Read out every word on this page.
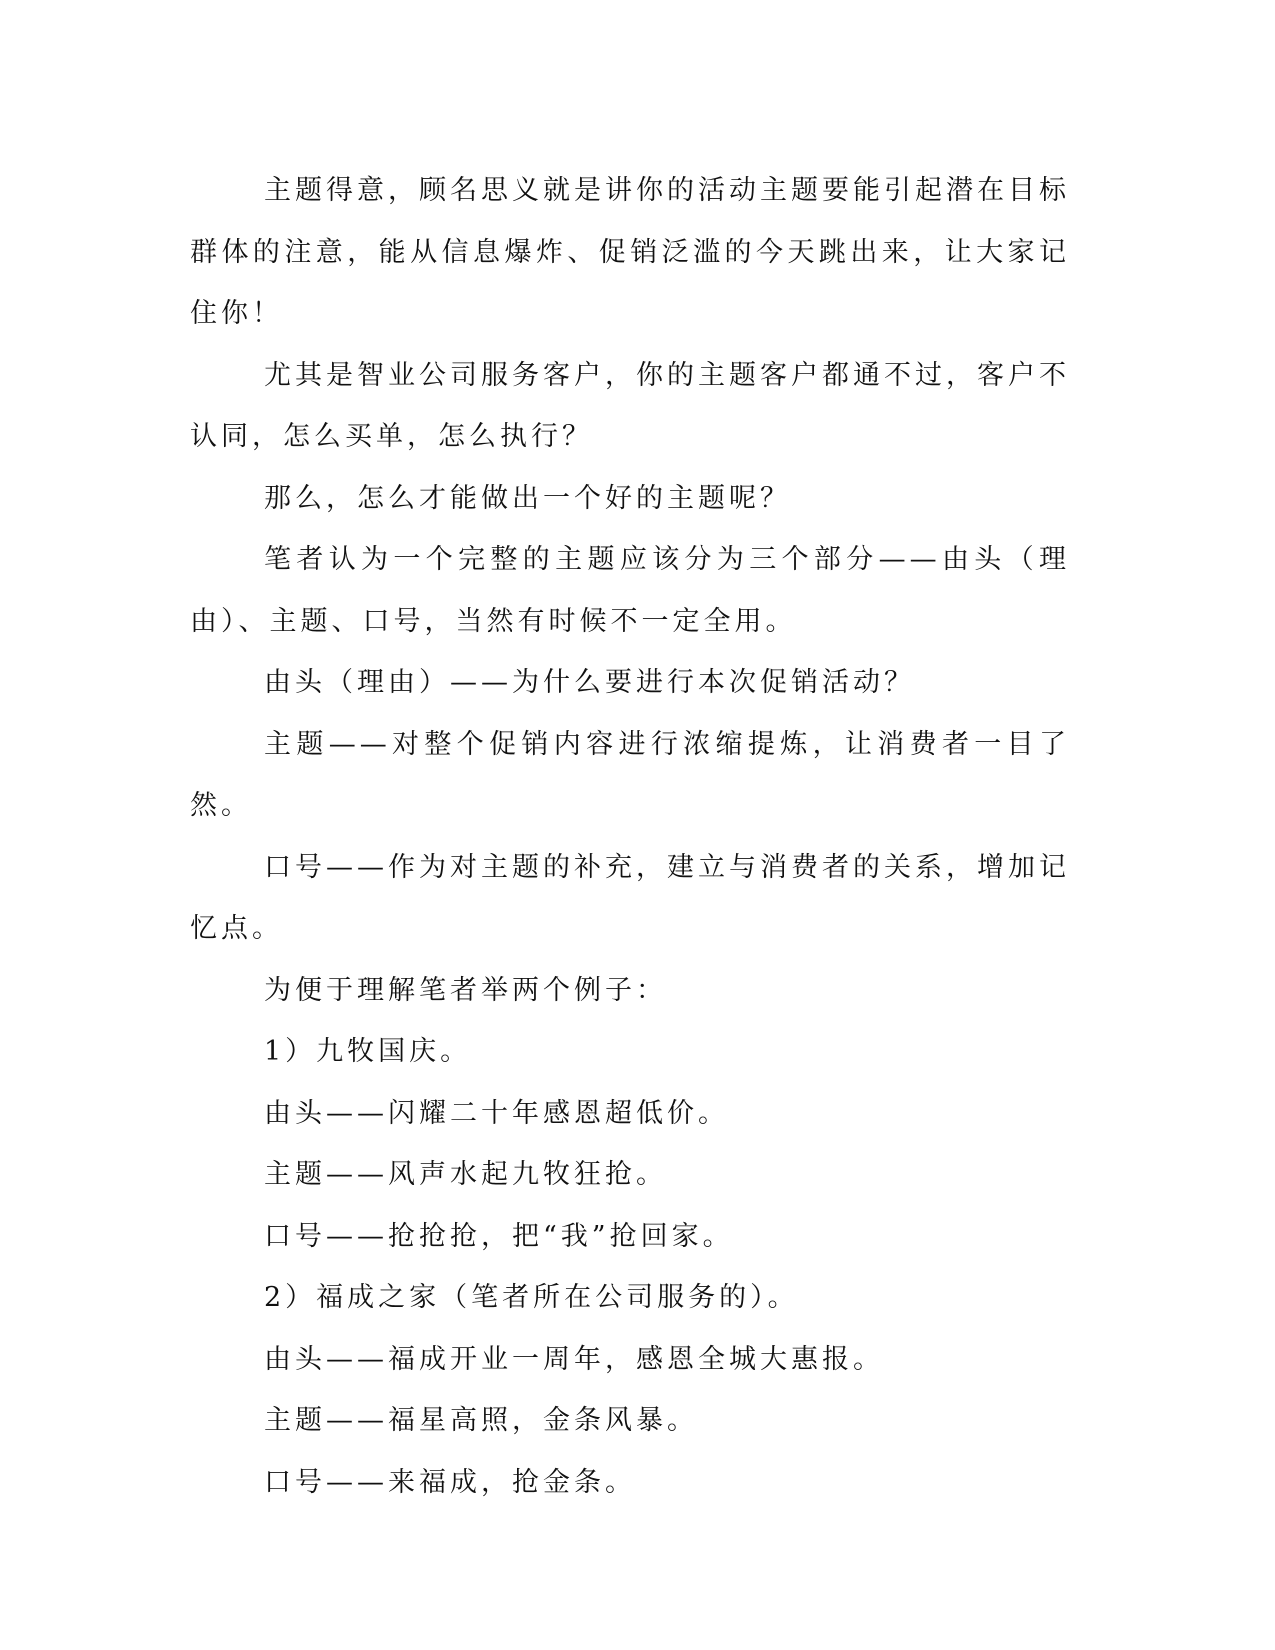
主题得意，顾名思义就是讲你的活动主题要能引起潜在目标群体的注意，能从信息爆炸、促销泛滥的今天跳出来，让大家记住你！

尤其是智业公司服务客户，你的主题客户都通不过，客户不认同，怎么买单，怎么执行？

那么，怎么才能做出一个好的主题呢？

笔者认为一个完整的主题应该分为三个部分——由头（理由）、主题、口号，当然有时候不一定全用。

由头（理由）——为什么要进行本次促销活动？

主题——对整个促销内容进行浓缩提炼，让消费者一目了然。

口号——作为对主题的补充，建立与消费者的关系，增加记忆点。

为便于理解笔者举两个例子：

1）九牧国庆。

由头——闪耀二十年感恩超低价。

主题——风声水起九牧狂抢。

口号——抢抢抢，把“我”抢回家。

2）福成之家（笔者所在公司服务的）。

由头——福成开业一周年，感恩全城大惠报。

主题——福星高照，金条风暴。

口号——来福成，抢金条。
